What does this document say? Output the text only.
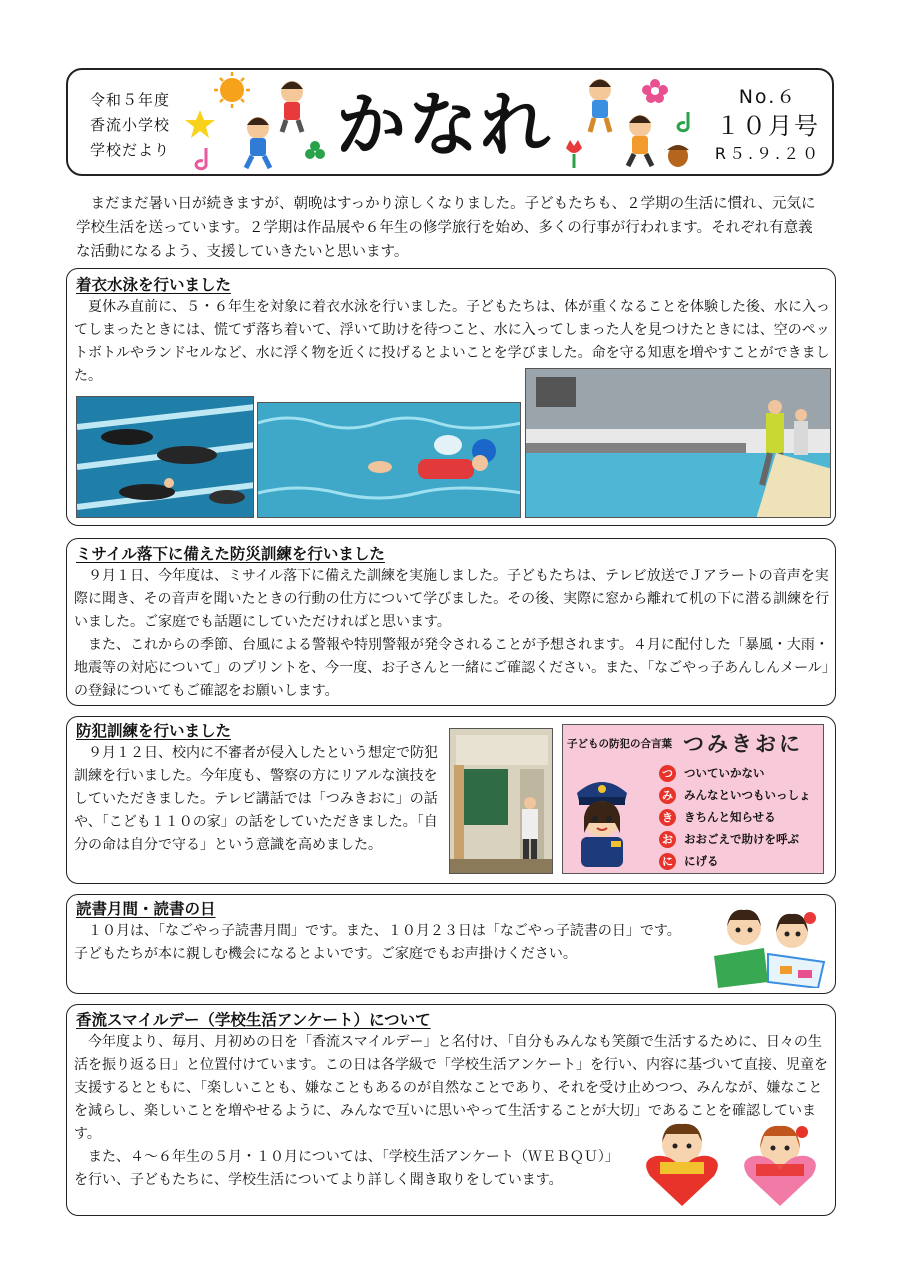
令和５年度
香流小学校
学校だより かなれ	No.６
１０月号
R５.９.２０
まだまだ暑い日が続きますが、朝晩はすっかり涼しくなりました。子どもたちも、２学期の生活に慣れ、元気に学校生活を送っています。２学期は作品展や６年生の修学旅行を始め、多くの行事が行われます。それぞれ有意義な活動になるよう、支援していきたいと思います。
着衣水泳を行いました
夏休み直前に、５・６年生を対象に着衣水泳を行いました。子どもたちは、体が重くなることを体験した後、水に入ってしまったときには、慌てず落ち着いて、浮いて助けを待つこと、水に入ってしまった人を見つけたときには、空のペットボトルやランドセルなど、水に浮く物を近くに投げるとよいことを学びました。命を守る知恵を増やすことができました。
ミサイル落下に備えた防災訓練を行いました

９月１日、今年度は、ミサイル落下に備えた訓練を実施しました。子どもたちは、テレビ放送でＪアラートの音声を実際に聞き、その音声を聞いたときの行動の仕方について学びました。その後、実際に窓から離れて机の下に潜る訓練を行いました。ご家庭でも話題にしていただければと思います。

また、これからの季節、台風による警報や特別警報が発令されることが予想されます。４月に配付した「暴風・大雨・地震等の対応について」のプリントを、今一度、お子さんと一緒にご確認ください。また、「なごやっ子あんしんメール」の登録についてもご確認をお願いします。

防犯訓練を行いました
９月１２日、校内に不審者が侵入したという想定で防犯訓練を行いました。今年度も、警察の方にリアルな演技をしていただきました。テレビ講話では「つみきおに」の話や、「こども１１０の家」の話をしていただきました。「自分の命は自分で守る」という意識を高めました。
子どもの防犯の合言葉 つみきおに
つ ついていかない
み みんなといつもいっしょ
き きちんと知らせる
お おおごえで助けを呼ぶ
に にげる
読書月間・読書の日
１０月は、「なごやっ子読書月間」です。また、１０月２３日は「なごやっ子読書の日」です。子どもたちが本に親しむ機会になるとよいです。ご家庭でもお声掛けください。
香流スマイルデー（学校生活アンケート）について
今年度より、毎月、月初めの日を「香流スマイルデー」と名付け、「自分もみんなも笑顔で生活するために、日々の生活を振り返る日」と位置付けています。この日は各学級で「学校生活アンケート」を行い、内容に基づいて直接、児童を支援するとともに、「楽しいことも、嫌なこともあるのが自然なことであり、それを受け止めつつ、みんなが、嫌なことを減らし、楽しいことを増やせるように、みんなで互いに思いやって生活することが大切」であることを確認しています。
また、４～６年生の５月・１０月については、「学校生活アンケート（ＷＥＢＱＵ）」を行い、子どもたちに、学校生活についてより詳しく聞き取りをしています。
